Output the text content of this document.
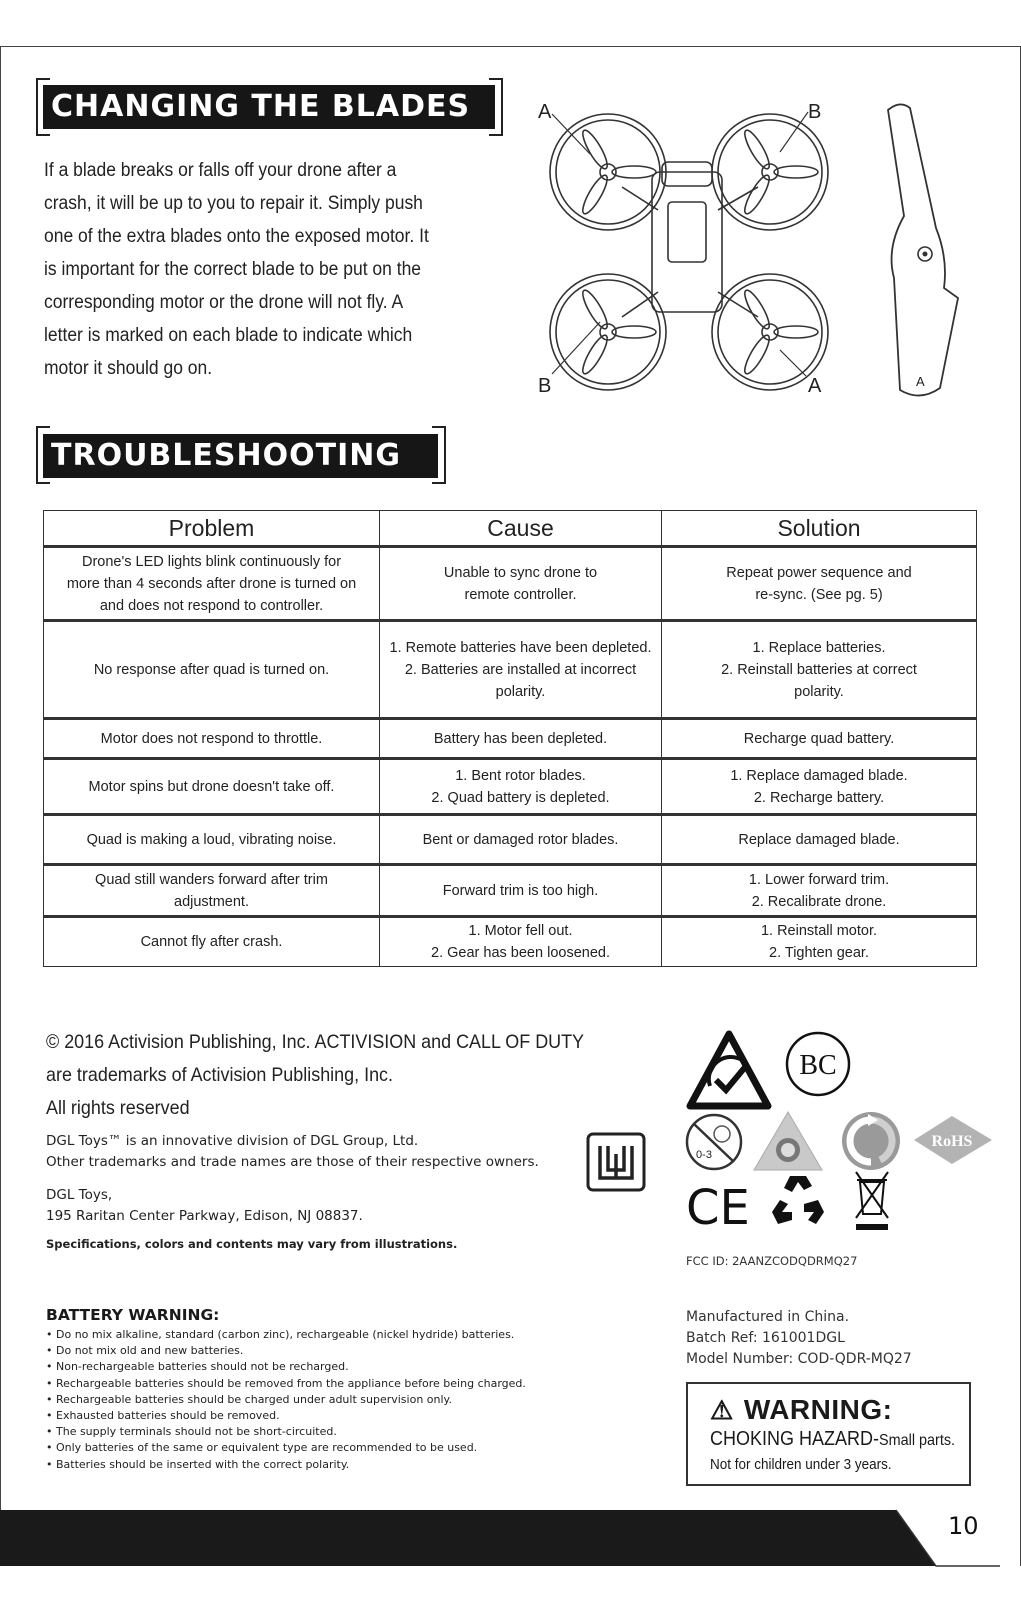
CHANGING THE BLADES
If a blade breaks or falls off your drone after a
crash, it will be up to you to repair it. Simply push
one of the extra blades onto the exposed motor. It
is important for the correct blade to be put on the
corresponding motor or the drone will not fly. A
letter is marked on each blade to indicate which
motor it should go on.
A	B
B	A	A
TROUBLESHOOTING
Problem	Cause	Solution

Drone's LED lights blink continuously for
more than 4 seconds after drone is turned on
and does not respond to controller.	Unable to sync drone to
remote controller.	Repeat power sequence and
re-sync. (See pg. 5)

No response after quad is turned on.	1. Remote batteries have been depleted.
2. Batteries are installed at incorrect
polarity.	1. Replace batteries.
2. Reinstall batteries at correct
polarity.

Motor does not respond to throttle.	Battery has been depleted.	Recharge quad battery.

Motor spins but drone doesn't take off.	1. Bent rotor blades.
2. Quad battery is depleted.	1. Replace damaged blade.
2. Recharge battery.

Quad is making a loud, vibrating noise.	Bent or damaged rotor blades.	Replace damaged blade.

Quad still wanders forward after trim
adjustment.	Forward trim is too high.	1. Lower forward trim.
2. Recalibrate drone.

Cannot fly after crash.	1. Motor fell out.
2. Gear has been loosened.	1. Reinstall motor.
2. Tighten gear.
© 2016 Activision Publishing, Inc. ACTIVISION and CALL OF DUTY
are trademarks of Activision Publishing, Inc.
All rights reserved
DGL Toys™ is an innovative division of DGL Group, Ltd.
Other trademarks and trade names are those of their respective owners.
DGL Toys,
195 Raritan Center Parkway, Edison, NJ 08837.
Specifications, colors and contents may vary from illustrations.
BATTERY WARNING:
• Do no mix alkaline, standard (carbon zinc), rechargeable (nickel hydride) batteries.
• Do not mix old and new batteries.
• Non-rechargeable batteries should not be recharged.
• Rechargeable batteries should be removed from the appliance before being charged.
• Rechargeable batteries should be charged under adult supervision only.
• Exhausted batteries should be removed.
• The supply terminals should not be short-circuited.
• Only batteries of the same or equivalent type are recommended to be used.
• Batteries should be inserted with the correct polarity.
BC
0-3
RoHS
CE
FCC ID: 2AANZCODQDRMQ27
Manufactured in China.
Batch Ref: 161001DGL
Model Number: COD-QDR-MQ27
⚠ WARNING:
CHOKING HAZARD-Small parts.
Not for children under 3 years.
10
